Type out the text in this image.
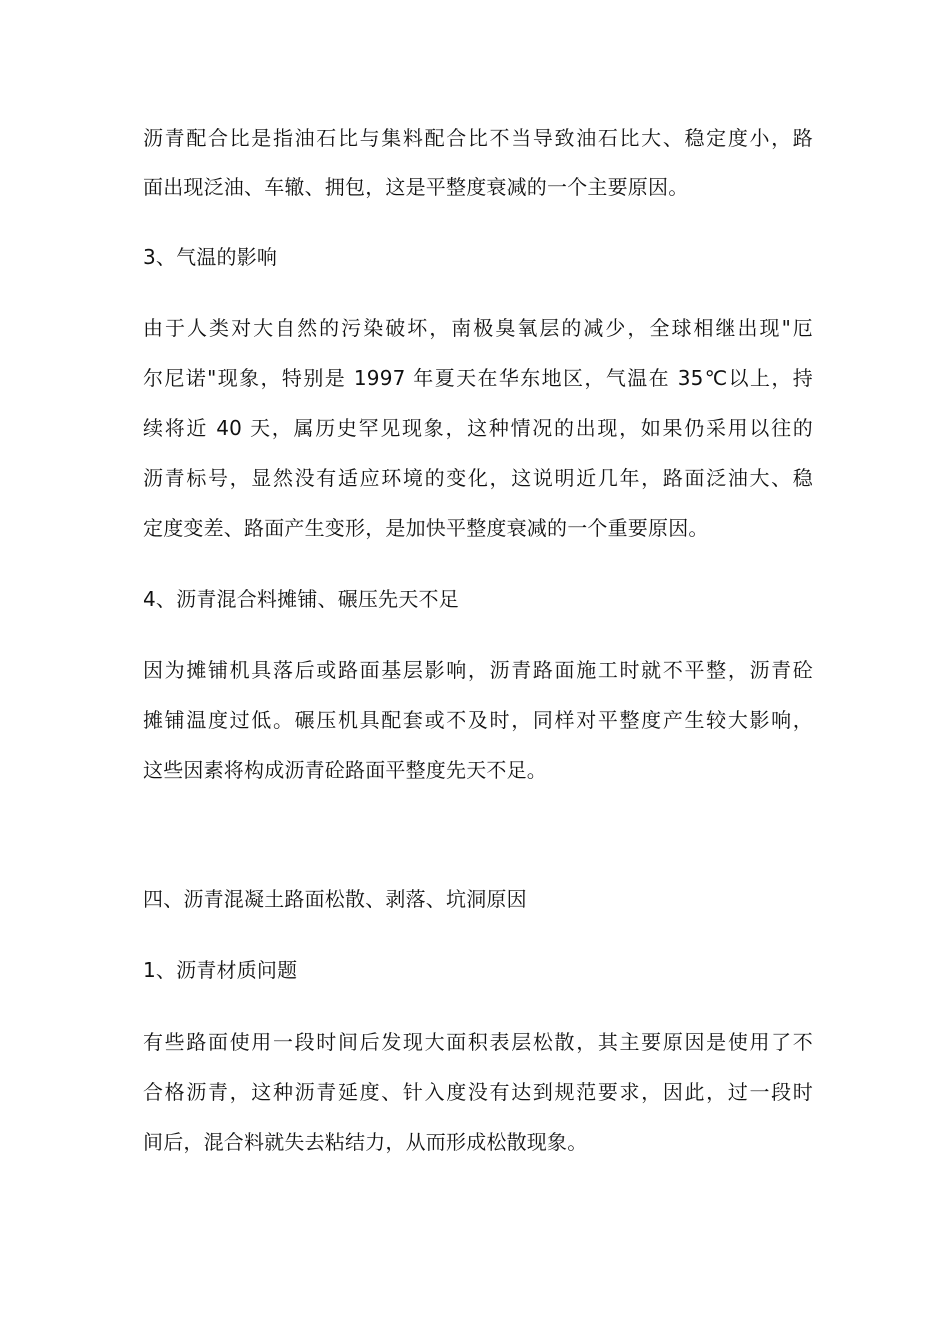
沥青配合比是指油石比与集料配合比不当导致油石比大、稳定度小，路
面出现泛油、车辙、拥包，这是平整度衰减的一个主要原因。
3、气温的影响
由于人类对大自然的污染破坏，南极臭氧层的减少，全球相继出现"厄
尔尼诺"现象，特别是 1997 年夏天在华东地区，气温在 35℃以上，持
续将近 40 天，属历史罕见现象，这种情况的出现，如果仍采用以往的
沥青标号，显然没有适应环境的变化，这说明近几年，路面泛油大、稳
定度变差、路面产生变形，是加快平整度衰减的一个重要原因。
4、沥青混合料摊铺、碾压先天不足
因为摊铺机具落后或路面基层影响，沥青路面施工时就不平整，沥青砼
摊铺温度过低。碾压机具配套或不及时，同样对平整度产生较大影响，
这些因素将构成沥青砼路面平整度先天不足。
四、沥青混凝土路面松散、剥落、坑洞原因
1、沥青材质问题
有些路面使用一段时间后发现大面积表层松散，其主要原因是使用了不
合格沥青，这种沥青延度、针入度没有达到规范要求，因此，过一段时
间后，混合料就失去粘结力，从而形成松散现象。
